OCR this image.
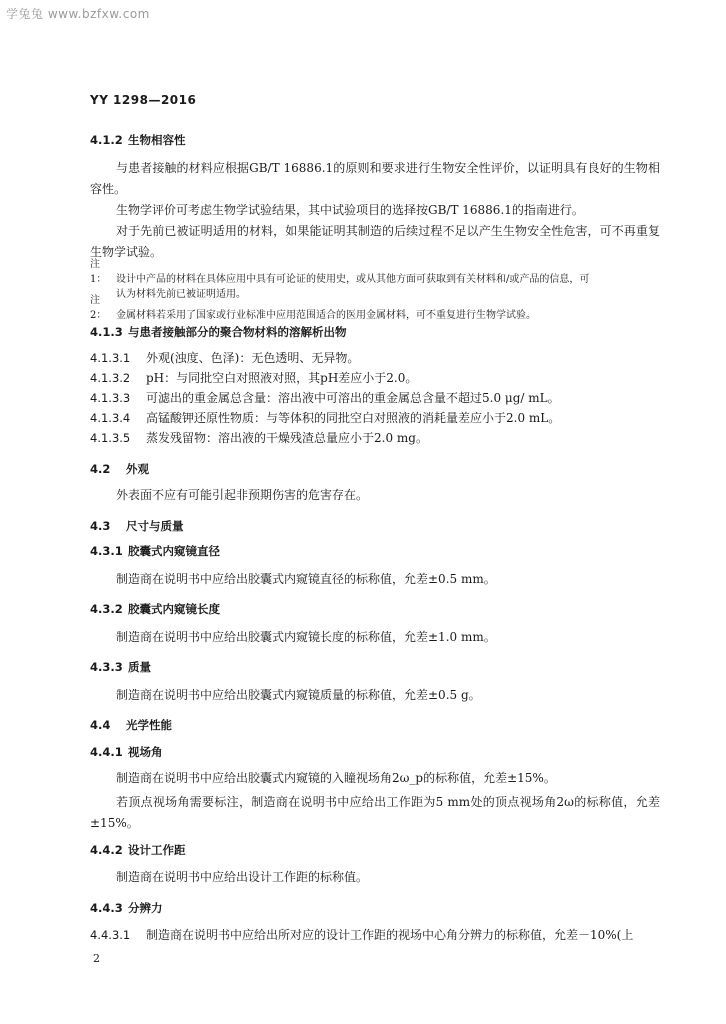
学兔兔 www.bzfxw.com
YY 1298—2016
4.1.2 生物相容性
与患者接触的材料应根据GB/T 16886.1的原则和要求进行生物安全性评价，以证明具有良好的生物相容性。
生物学评价可考虑生物学试验结果，其中试验项目的选择按GB/T 16886.1的指南进行。
对于先前已被证明适用的材料，如果能证明其制造的后续过程不足以产生生物安全性危害，可不再重复生物学试验。
注1： 设计中产品的材料在具体应用中具有可论证的使用史，或从其他方面可获取到有关材料和/或产品的信息，可
认为材料先前已被证明适用。
注2： 金属材料若采用了国家或行业标准中应用范围适合的医用金属材料，可不重复进行生物学试验。
4.1.3 与患者接触部分的聚合物材料的溶解析出物
4.1.3.1 外观(浊度、色泽)：无色透明、无异物。
4.1.3.2 pH：与同批空白对照液对照，其pH差应小于2.0。
4.1.3.3 可滤出的重金属总含量：溶出液中可溶出的重金属总含量不超过5.0 μg/ mL。
4.1.3.4 高锰酸钾还原性物质：与等体积的同批空白对照液的消耗量差应小于2.0 mL。
4.1.3.5 蒸发残留物：溶出液的干燥残渣总量应小于2.0 mg。
4.2 外观
外表面不应有可能引起非预期伤害的危害存在。
4.3 尺寸与质量
4.3.1 胶囊式内窥镜直径
制造商在说明书中应给出胶囊式内窥镜直径的标称值，允差±0.5 mm。
4.3.2 胶囊式内窥镜长度
制造商在说明书中应给出胶囊式内窥镜长度的标称值，允差±1.0 mm。
4.3.3 质量
制造商在说明书中应给出胶囊式内窥镜质量的标称值，允差±0.5 g。
4.4 光学性能
4.4.1 视场角
制造商在说明书中应给出胶囊式内窥镜的入瞳视场角2ω_p的标称值，允差±15%。
若顶点视场角需要标注，制造商在说明书中应给出工作距为5 mm处的顶点视场角2ω的标称值，允差±15%。
4.4.2 设计工作距
制造商在说明书中应给出设计工作距的标称值。
4.4.3 分辨力
4.4.3.1 制造商在说明书中应给出所对应的设计工作距的视场中心角分辨力的标称值，允差－10%(上
2
